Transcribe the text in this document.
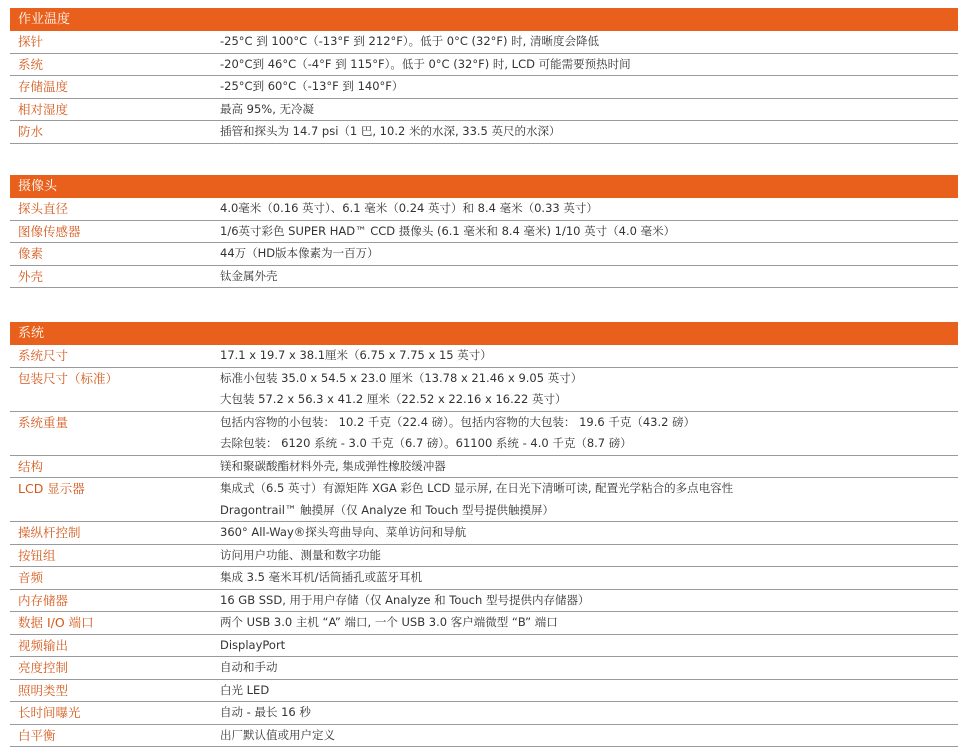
作业温度
探针	-25°C 到 100°C（-13°F 到 212°F）。低于 0°C (32°F) 时, 清晰度会降低
系统	-20°C到 46°C（-4°F 到 115°F）。低于 0°C (32°F) 时, LCD 可能需要预热时间
存储温度	-25°C到 60°C（-13°F 到 140°F）
相对湿度	最高 95%, 无冷凝
防水	插管和探头为 14.7 psi（1 巴, 10.2 米的水深, 33.5 英尺的水深）
摄像头
探头直径	4.0毫米（0.16 英寸）、6.1 毫米（0.24 英寸）和 8.4 毫米（0.33 英寸）
图像传感器	1/6英寸彩色 SUPER HAD™ CCD 摄像头 (6.1 毫米和 8.4 毫米) 1/10 英寸（4.0 毫米）
像素	44万（HD版本像素为一百万）
外壳	钛金属外壳
系统
系统尺寸	17.1 x 19.7 x 38.1厘米（6.75 x 7.75 x 15 英寸）
包装尺寸（标准）	标准小包装 35.0 x 54.5 x 23.0 厘米（13.78 x 21.46 x 9.05 英寸）
大包装 57.2 x 56.3 x 41.2 厘米（22.52 x 22.16 x 16.22 英寸）
系统重量	包括内容物的小包装： 10.2 千克（22.4 磅）。包括内容物的大包装： 19.6 千克（43.2 磅）
去除包装： 6120 系统 - 3.0 千克（6.7 磅）。61100 系统 - 4.0 千克（8.7 磅）
结构	镁和聚碳酸酯材料外壳, 集成弹性橡胶缓冲器
LCD 显示器	集成式（6.5 英寸）有源矩阵 XGA 彩色 LCD 显示屏, 在日光下清晰可读, 配置光学粘合的多点电容性
Dragontrail™ 触摸屏（仅 Analyze 和 Touch 型号提供触摸屏）
操纵杆控制	360° All-Way®探头弯曲导向、菜单访问和导航
按钮组	访问用户功能、测量和数字功能
音频	集成 3.5 毫米耳机/话筒插孔或蓝牙耳机
内存储器	16 GB SSD, 用于用户存储（仅 Analyze 和 Touch 型号提供内存储器）
数据 I/O 端口	两个 USB 3.0 主机 “A” 端口, 一个 USB 3.0 客户端微型 “B” 端口
视频输出	DisplayPort
亮度控制	自动和手动
照明类型	白光 LED
长时间曝光	自动 - 最长 16 秒
白平衡	出厂默认值或用户定义
